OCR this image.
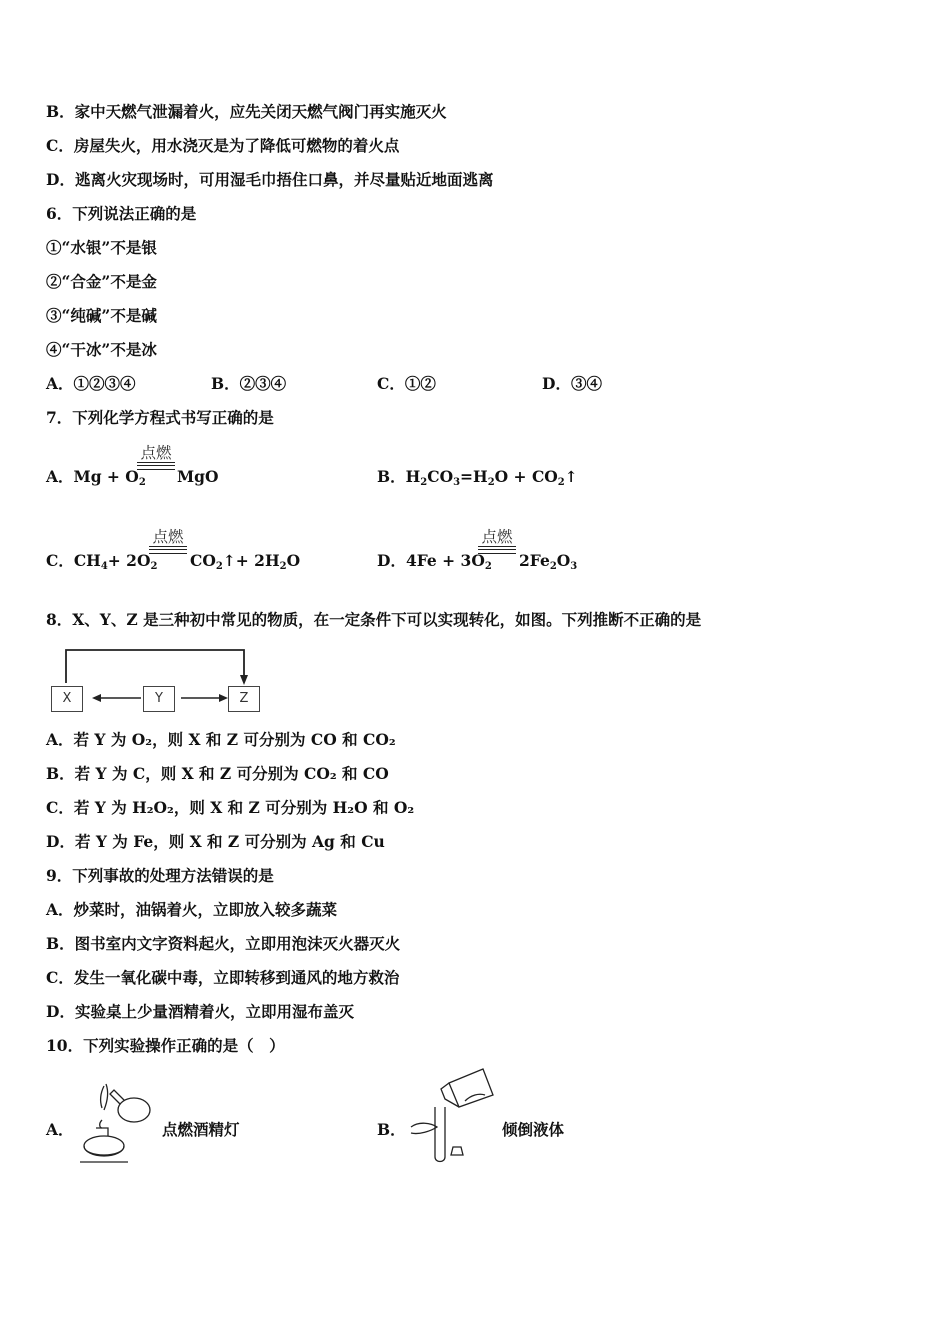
B．家中天燃气泄漏着火，应先关闭天燃气阀门再实施灭火
C．房屋失火，用水浇灭是为了降低可燃物的着火点
D．逃离火灾现场时，可用湿毛巾捂住口鼻，并尽量贴近地面逃离
6．下列说法正确的是
①“水银”不是银
②“合金”不是金
③“纯碱”不是碱
④“干冰”不是冰
A．①②③④	B．②③④	C．①②	D．③④
7．下列化学方程式书写正确的是
A．$Mg + O_2$
点燃
MgO	B．$H_2CO_3=H_2O$ + $CO_2↑$
C．$CH_4+ 2O_2$
点燃
$CO_2↑+ 2H_2O$	D．$4Fe + 3O_2$
点燃
$2Fe_2O_3$
8．X、Y、Z 是三种初中常见的物质，在一定条件下可以实现转化，如图。下列推断不正确的是
X	Y	Z
A．若 Y 为 O₂，则 X 和 Z 可分别为 CO 和 CO₂
B．若 Y 为 C，则 X 和 Z 可分别为 CO₂ 和 CO
C．若 Y 为 H₂O₂，则 X 和 Z 可分别为 H₂O 和 O₂
D．若 Y 为 Fe，则 X 和 Z 可分别为 Ag 和 Cu
9．下列事故的处理方法错误的是
A．炒菜时，油锅着火，立即放入较多蔬菜
B．图书室内文字资料起火，立即用泡沫灭火器灭火
C．发生一氧化碳中毒，立即转移到通风的地方救治
D．实验桌上少量酒精着火，立即用湿布盖灭
10．下列实验操作正确的是（　）
A．	点燃酒精灯	B．	倾倒液体
